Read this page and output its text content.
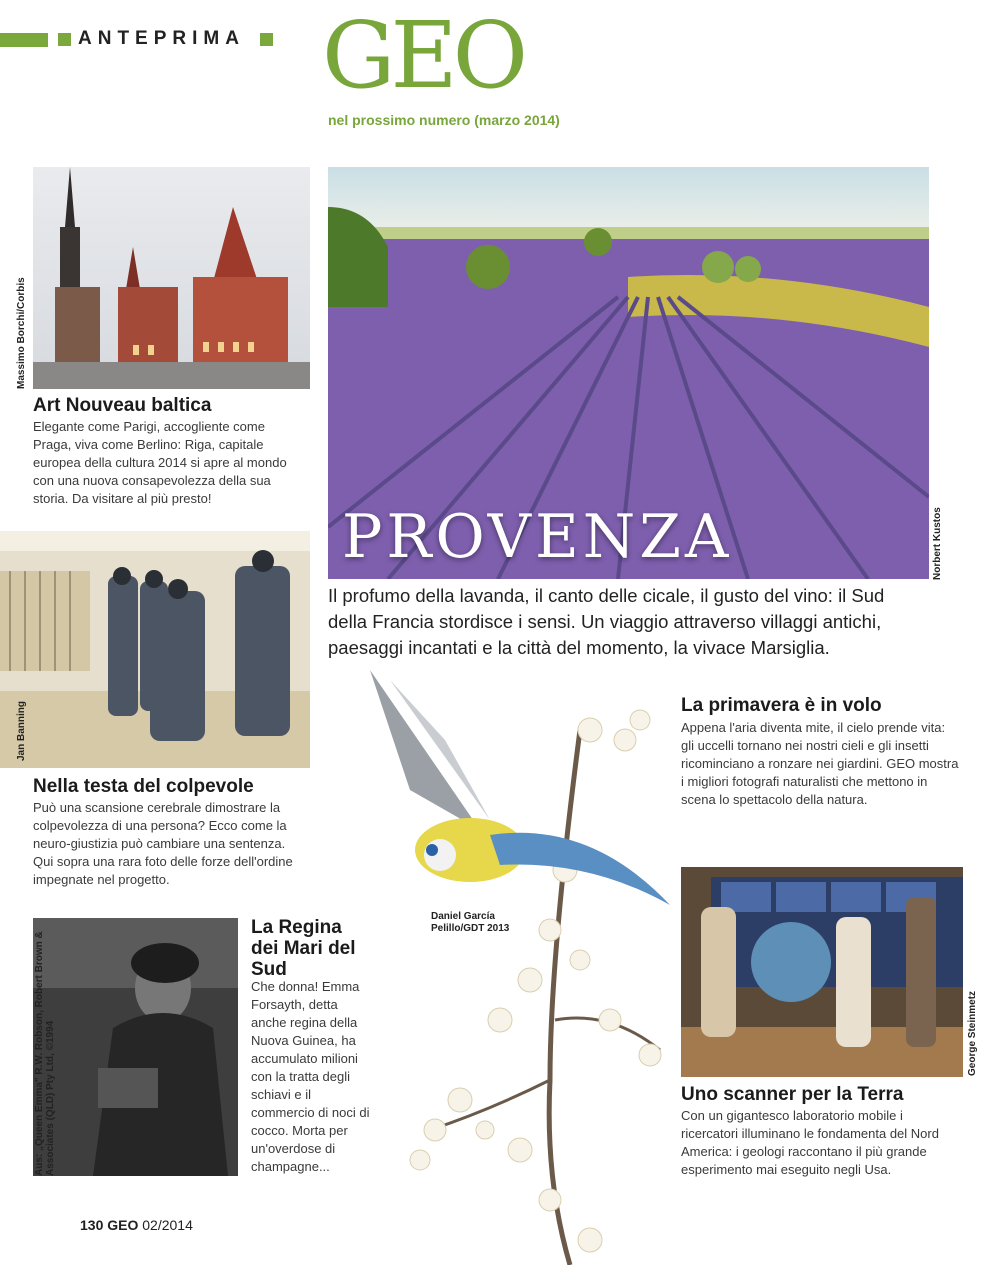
ANTEPRIMA GEO
nel prossimo numero (marzo 2014)
Massimo Borchi/Corbis
Art Nouveau baltica

Elegante come Parigi, accogliente come Praga, viva come Berlino: Riga, capitale europea della cultura 2014 si apre al mondo con una nuova consapevolezza della sua storia. Da visitare al più presto!

Jan Banning
Nella testa del colpevole

Può una scansione cerebrale dimostrare la colpevolezza di una persona? Ecco come la neuro-giustizia può cambiare una sentenza. Qui sopra una rara foto delle forze dell'ordine impegnate nel progetto.

Aus: „Queen Emma" R.W. Robson, Robert Brown & Associates (QLD) Pty Ltd, ©1994
La Regina dei Mari del Sud

Che donna! Emma Forsayth, detta anche regina della Nuova Guinea, ha accumulato milioni con la tratta degli schiavi e il commercio di noci di cocco. Morta per un'overdose di champagne...

Norbert Kustos
PROVENZA

Il profumo della lavanda, il canto delle cicale, il gusto del vino: il Sud della Francia stordisce i sensi. Un viaggio attraverso villaggi antichi, paesaggi incantati e la città del momento, la vivace Marsiglia.

Daniel García Pelillo/GDT 2013
La primavera è in volo

Appena l'aria diventa mite, il cielo prende vita: gli uccelli tornano nei nostri cieli e gli insetti ricominciano a ronzare nei giardini. GEO mostra i migliori fotografi naturalisti che mettono in scena lo spettacolo della natura.

George Steinmetz
Uno scanner per la Terra

Con un gigantesco laboratorio mobile i ricercatori illuminano le fondamenta del Nord America: i geologi raccontano il più grande esperimento mai eseguito negli Usa.

130 GEO 02/2014
